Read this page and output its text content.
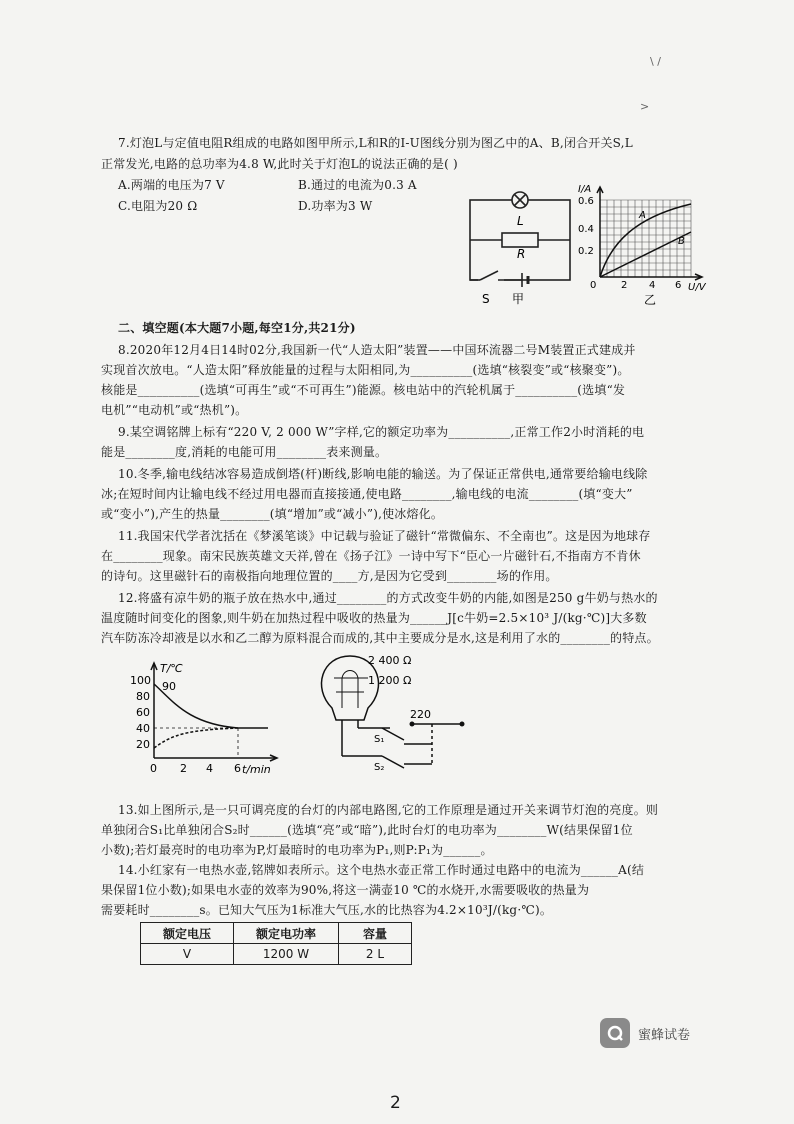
\ /
>
7.灯泡L与定值电阻R组成的电路如图甲所示,L和R的I-U图线分别为图乙中的A、B,闭合开关S,L
正常发光,电路的总功率为4.8 W,此时关于灯泡L的说法正确的是( )
A.两端的电压为7 V	B.通过的电流为0.3 A
C.电阻为20 Ω	D.功率为3 W
L
R
S 甲
I/A
0.6
0.4
0.2
0 2 4 6 U/V
A
B
乙
二、填空题(本大题7小题,每空1分,共21分)
8.2020年12月4日14时02分,我国新一代“人造太阳”装置——中国环流器二号M装置正式建成并
实现首次放电。“人造太阳”释放能量的过程与太阳相同,为__________(选填“核裂变”或“核聚变”)。
核能是__________(选填“可再生”或“不可再生”)能源。核电站中的汽轮机属于__________(选填“发
电机”“电动机”或“热机”)。
9.某空调铭牌上标有“220 V, 2 000 W”字样,它的额定功率为__________,正常工作2小时消耗的电
能是________度,消耗的电能可用________表来测量。
10.冬季,输电线结冰容易造成倒塔(杆)断线,影响电能的输送。为了保证正常供电,通常要给输电线除
冰;在短时间内让输电线不经过用电器而直接接通,使电路________,输电线的电流________(填“变大”
或“变小”),产生的热量________(填“增加”或“减小”),使冰熔化。
11.我国宋代学者沈括在《梦溪笔谈》中记载与验证了磁针“常微偏东、不全南也”。这是因为地球存
在________现象。南宋民族英雄文天祥,曾在《扬子江》一诗中写下“臣心一片磁针石,不指南方不肯休
的诗句。这里磁针石的南极指向地理位置的____方,是因为它受到________场的作用。
12.将盛有凉牛奶的瓶子放在热水中,通过________的方式改变牛奶的内能,如图是250 g牛奶与热水的
温度随时间变化的图象,则牛奶在加热过程中吸收的热量为______J[c牛奶=2.5×10³ J/(kg·℃)]大多数
汽车防冻冷却液是以水和乙二醇为原料混合而成的,其中主要成分是水,这是利用了水的________的特点。
T/℃
100 90
80
60
40
20
0 2 4 6 t/min
2 400 Ω
1 200 Ω
220
S₁
S₂
13.如上图所示,是一只可调亮度的台灯的内部电路图,它的工作原理是通过开关来调节灯泡的亮度。则
单独闭合S₁比单独闭合S₂时______(选填“亮”或“暗”),此时台灯的电功率为________W(结果保留1位
小数);若灯最亮时的电功率为P,灯最暗时的电功率为P₁,则P:P₁为______。
14.小红家有一电热水壶,铭牌如表所示。这个电热水壶正常工作时通过电路中的电流为______A(结
果保留1位小数);如果电水壶的效率为90%,将这一满壶10 ℃的水烧开,水需要吸收的热量为
需要耗时________s。已知大气压为1标准大气压,水的比热容为4.2×10³J/(kg·℃)。
额定电压	额定电功率	容量
V	1200 W	2 L
蜜蜂试卷
2
